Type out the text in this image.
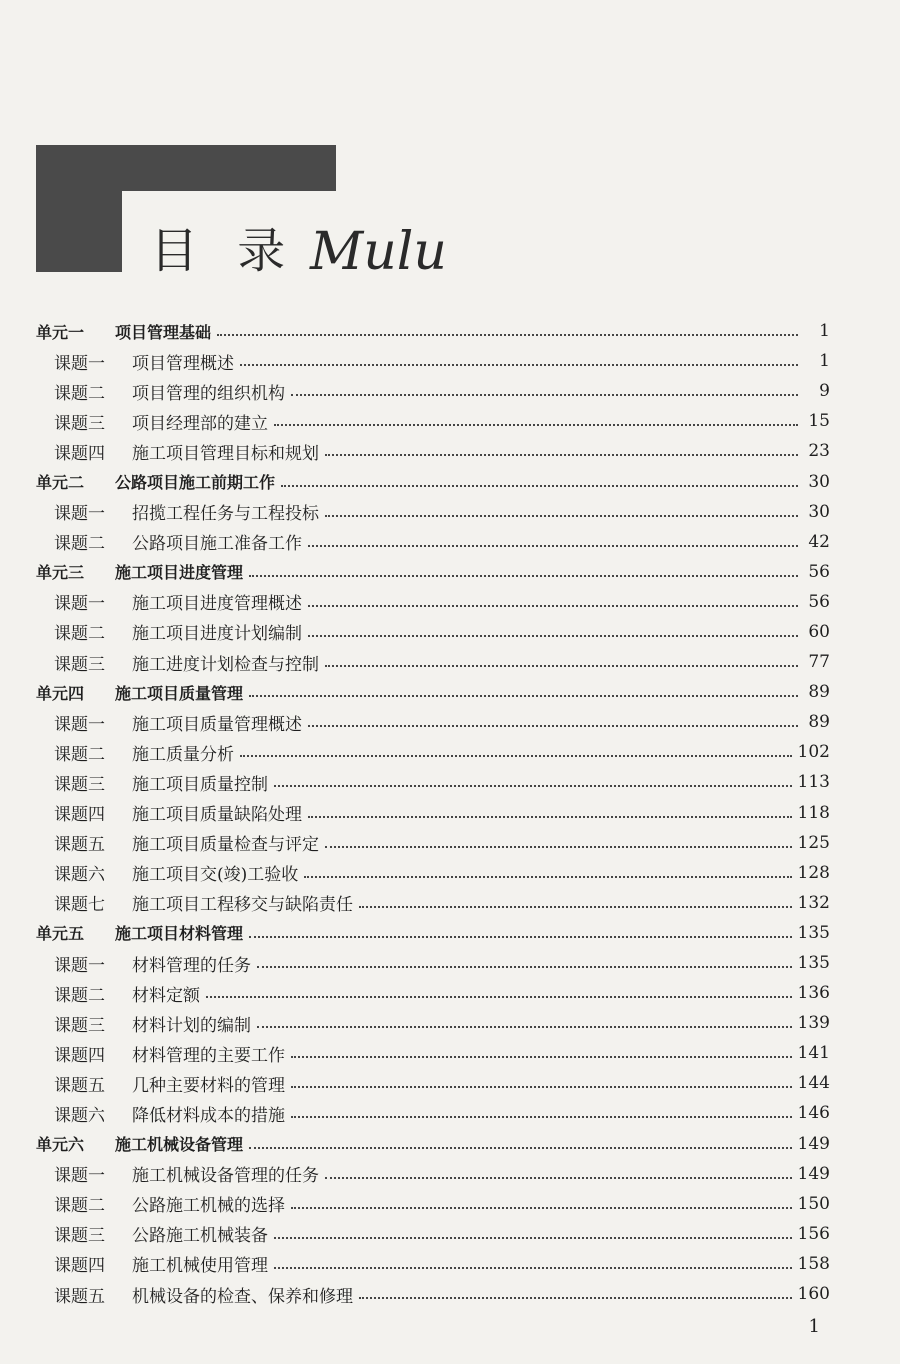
目 录 Mulu
单元一	项目管理基础	1
课题一	项目管理概述	1
课题二	项目管理的组织机构	9
课题三	项目经理部的建立	15
课题四	施工项目管理目标和规划	23
单元二	公路项目施工前期工作	30
课题一	招揽工程任务与工程投标	30
课题二	公路项目施工准备工作	42
单元三	施工项目进度管理	56
课题一	施工项目进度管理概述	56
课题二	施工项目进度计划编制	60
课题三	施工进度计划检查与控制	77
单元四	施工项目质量管理	89
课题一	施工项目质量管理概述	89
课题二	施工质量分析	102
课题三	施工项目质量控制	113
课题四	施工项目质量缺陷处理	118
课题五	施工项目质量检查与评定	125
课题六	施工项目交(竣)工验收	128
课题七	施工项目工程移交与缺陷责任	132
单元五	施工项目材料管理	135
课题一	材料管理的任务	135
课题二	材料定额	136
课题三	材料计划的编制	139
课题四	材料管理的主要工作	141
课题五	几种主要材料的管理	144
课题六	降低材料成本的措施	146
单元六	施工机械设备管理	149
课题一	施工机械设备管理的任务	149
课题二	公路施工机械的选择	150
课题三	公路施工机械装备	156
课题四	施工机械使用管理	158
课题五	机械设备的检查、保养和修理	160
1
